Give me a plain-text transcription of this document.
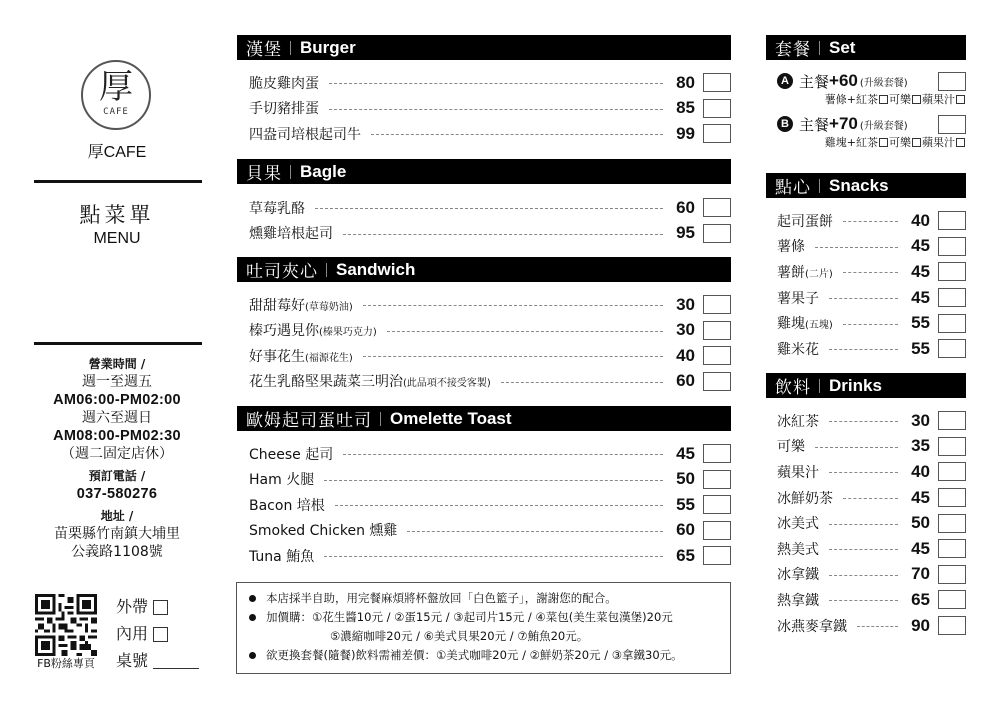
厚
CAFE
厚CAFE
點菜單
MENU
營業時間 /
週一至週五
AM06:00-PM02:00
週六至週日
AM08:00-PM02:30
（週二固定店休）
預訂電話 /
037-580276
地址 /
苗栗縣竹南鎮大埔里
公義路1108號
FB粉絲專頁
外帶
內用
桌號
漢堡 Burger
脆皮雞肉蛋	80
手切豬排蛋	85
四盎司培根起司牛	99
貝果 Bagle
草莓乳酪	60
燻雞培根起司	95
吐司夾心 Sandwich
甜甜莓好(草莓奶油)	30
榛巧遇見你(榛果巧克力)	30
好事花生(福源花生)	40
花生乳酪堅果蔬菜三明治(此品項不接受客製)	60
歐姆起司蛋吐司 Omelette Toast
Cheese 起司	45
Ham 火腿	50
Bacon 培根	55
Smoked Chicken 燻雞	60
Tuna 鮪魚	65
本店採半自助，用完餐麻煩將杯盤放回「白色籃子」，謝謝您的配合。
加價購：①花生醬10元 / ②蛋15元 / ③起司片15元 / ④菜包(美生菜包漢堡)20元
⑤濃縮咖啡20元 / ⑥美式貝果20元 / ⑦鮪魚20元。
欲更換套餐(隨餐)飲料需補差價：①美式咖啡20元 / ②鮮奶茶20元 / ③拿鐵30元。
套餐 Set
A 主餐 +60 (升級套餐)
薯條+紅茶 可樂 蘋果汁
B 主餐 +70 (升級套餐)
雞塊+紅茶 可樂 蘋果汁
點心 Snacks
起司蛋餅	40
薯條	45
薯餅(二片)	45
薯果子	45
雞塊(五塊)	55
雞米花	55
飲料 Drinks
冰紅茶	30
可樂	35
蘋果汁	40
冰鮮奶茶	45
冰美式	50
熱美式	45
冰拿鐵	70
熱拿鐵	65
冰燕麥拿鐵	90
